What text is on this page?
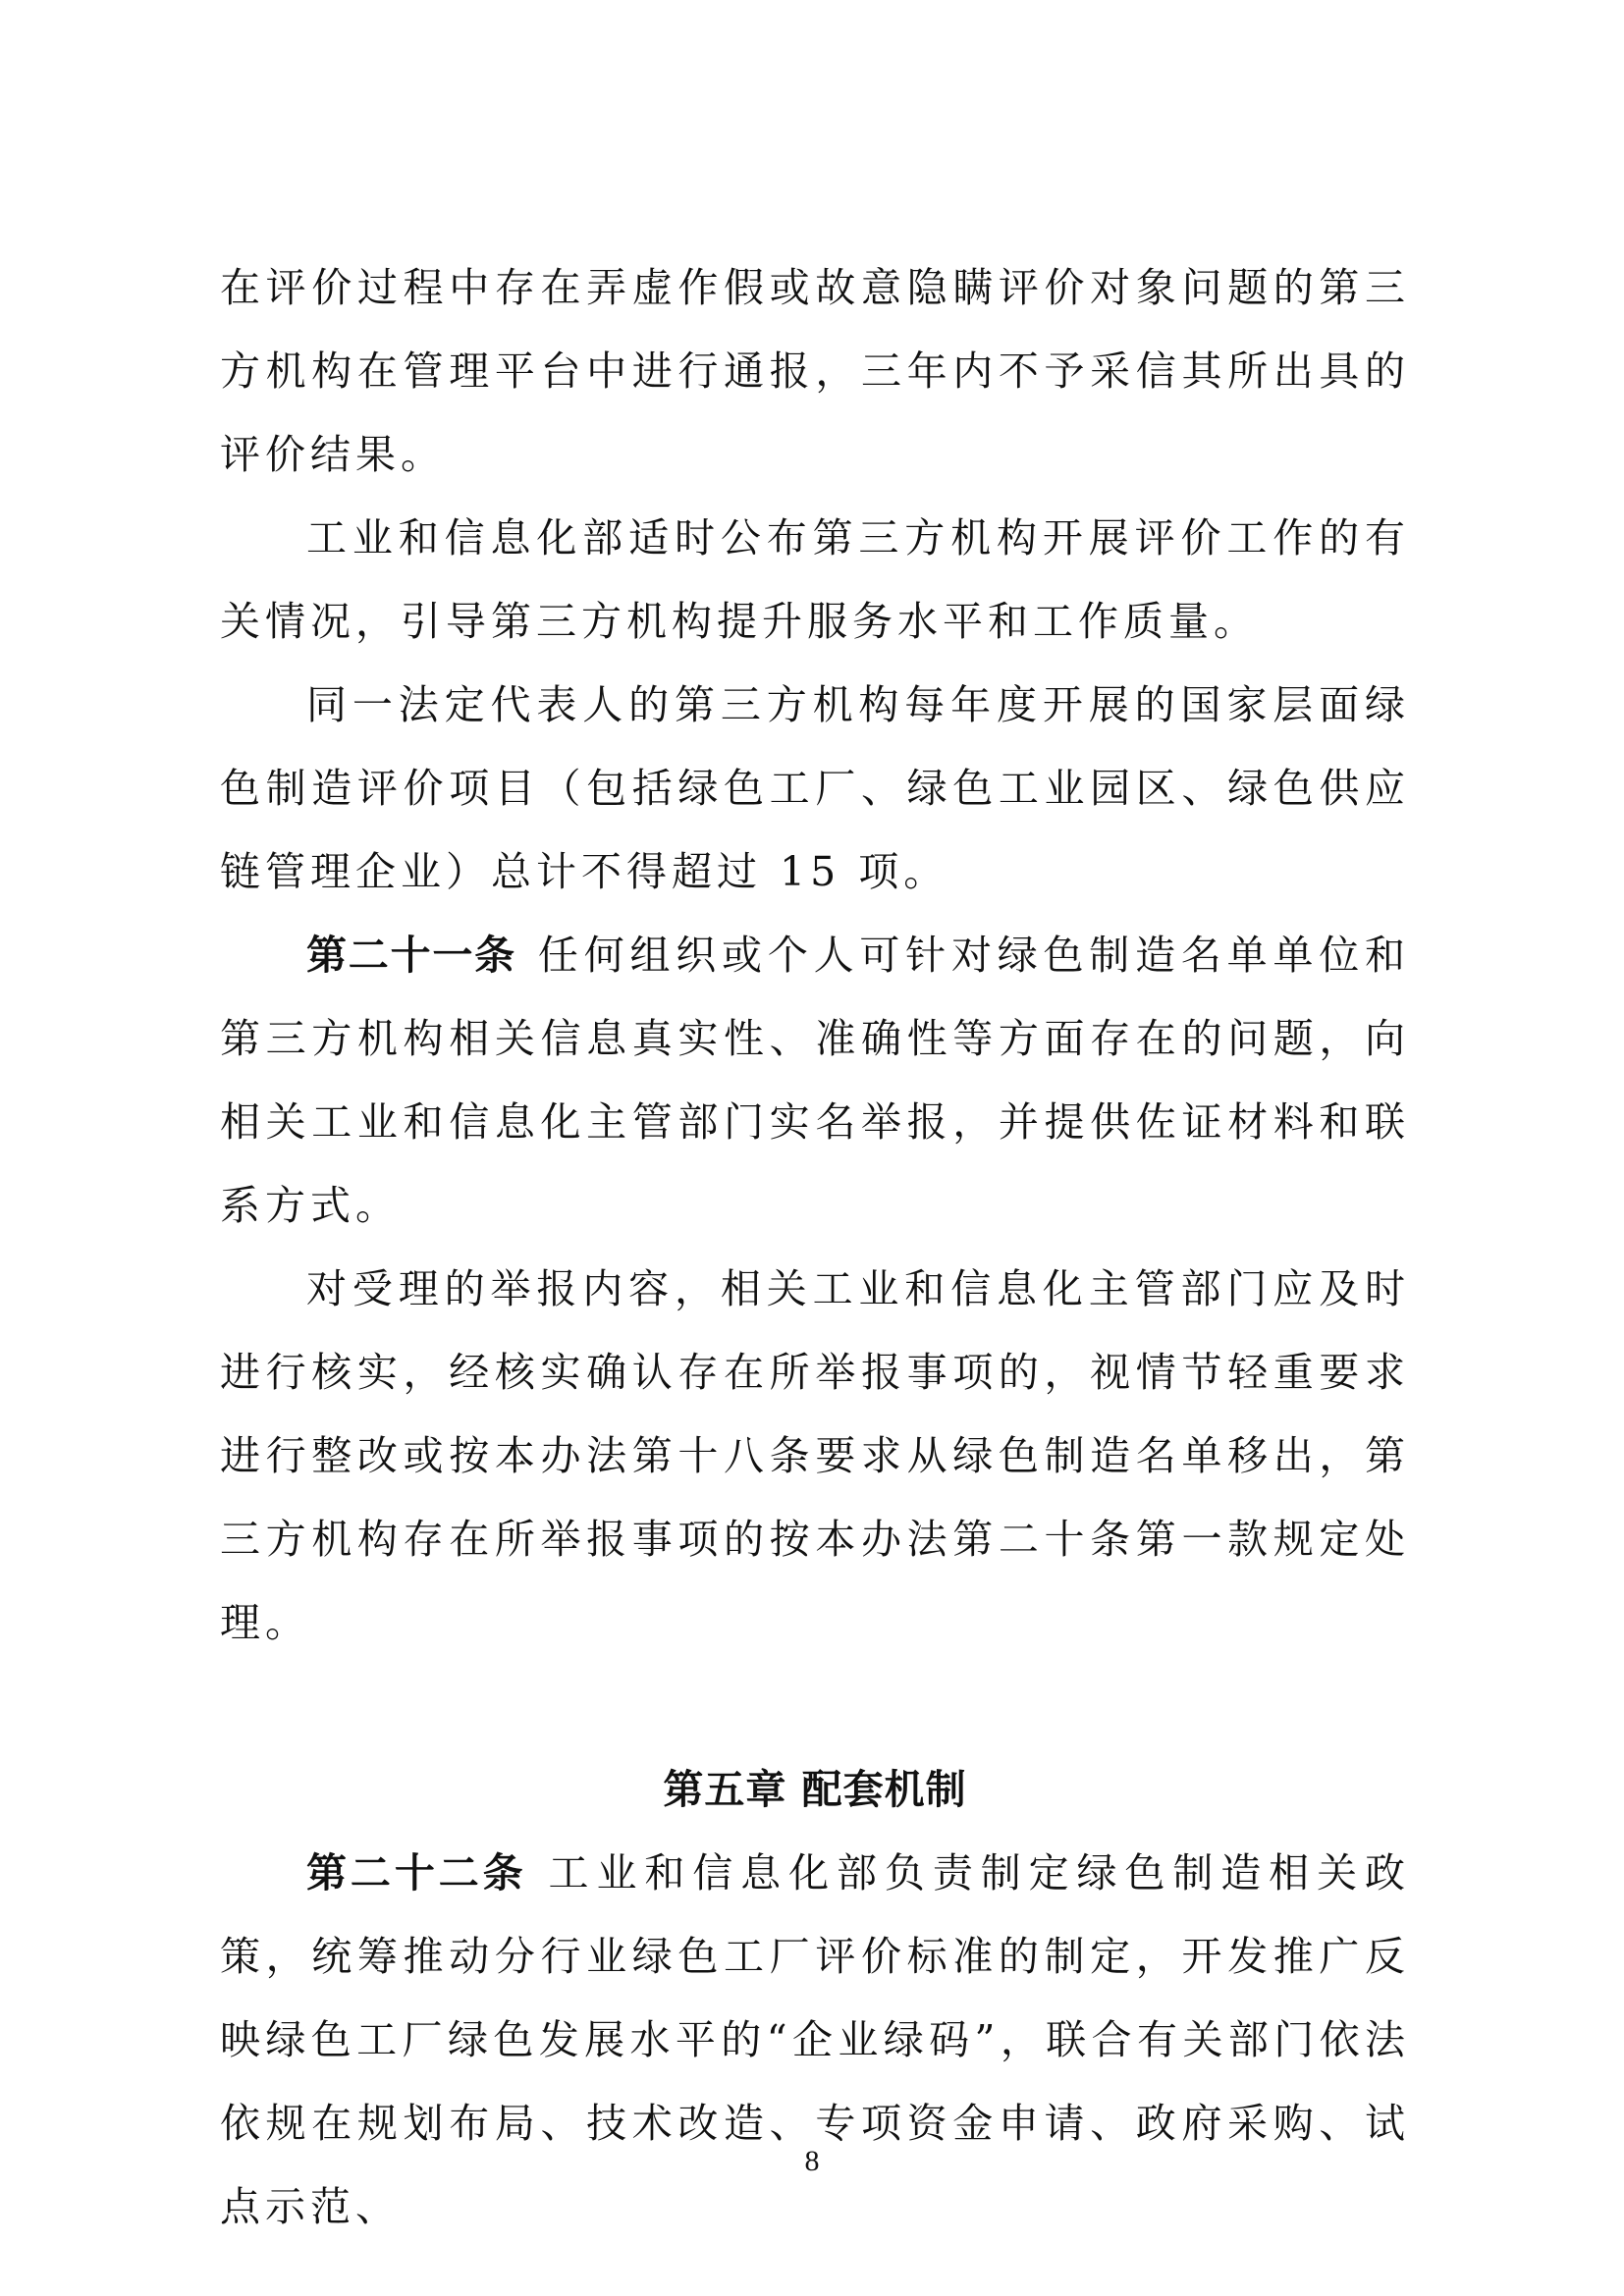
在评价过程中存在弄虚作假或故意隐瞒评价对象问题的第三方机构在管理平台中进行通报，三年内不予采信其所出具的评价结果。

工业和信息化部适时公布第三方机构开展评价工作的有关情况，引导第三方机构提升服务水平和工作质量。

同一法定代表人的第三方机构每年度开展的国家层面绿色制造评价项目（包括绿色工厂、绿色工业园区、绿色供应链管理企业）总计不得超过 15 项。

第二十一条 任何组织或个人可针对绿色制造名单单位和第三方机构相关信息真实性、准确性等方面存在的问题，向相关工业和信息化主管部门实名举报，并提供佐证材料和联系方式。

对受理的举报内容，相关工业和信息化主管部门应及时进行核实，经核实确认存在所举报事项的，视情节轻重要求进行整改或按本办法第十八条要求从绿色制造名单移出，第三方机构存在所举报事项的按本办法第二十条第一款规定处理。

第五章 配套机制

第二十二条 工业和信息化部负责制定绿色制造相关政策，统筹推动分行业绿色工厂评价标准的制定，开发推广反映绿色工厂绿色发展水平的“企业绿码”，联合有关部门依法依规在规划布局、技术改造、专项资金申请、政府采购、试点示范、

8
